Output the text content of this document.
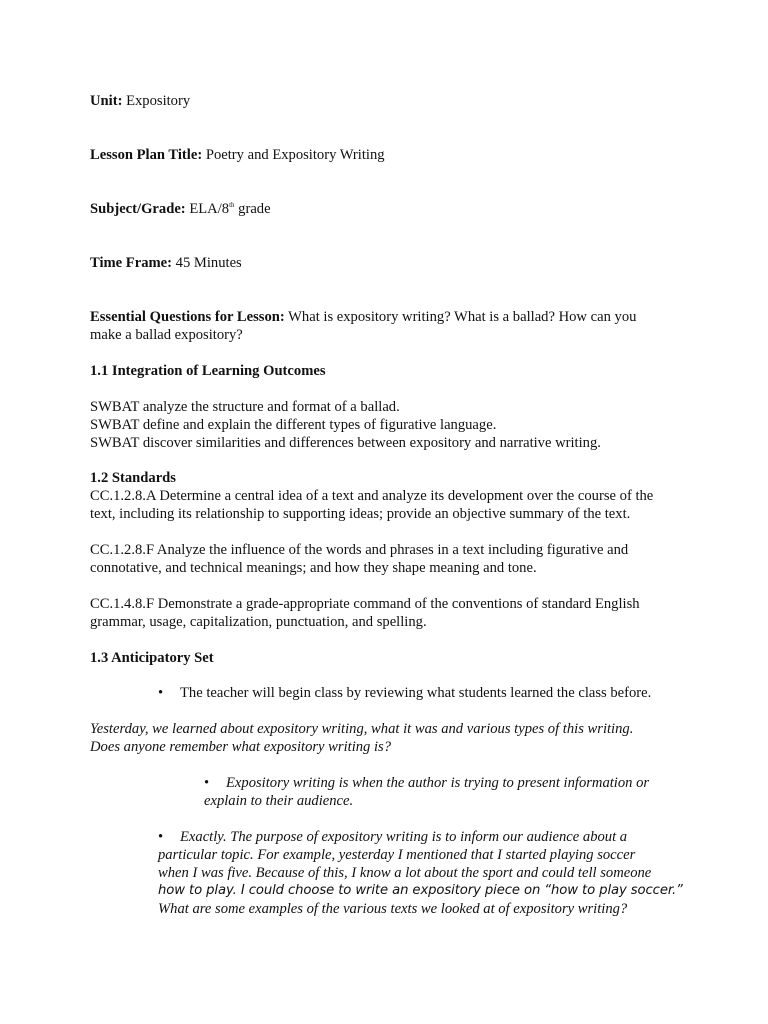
Unit: Expository

Lesson Plan Title: Poetry and Expository Writing

Subject/Grade: ELA/8th grade

Time Frame: 45 Minutes

Essential Questions for Lesson: What is expository writing? What is a ballad? How can you
make a ballad expository?
1.1 Integration of Learning Outcomes
SWBAT analyze the structure and format of a ballad.
SWBAT define and explain the different types of figurative language.
SWBAT discover similarities and differences between expository and narrative writing.
1.2 Standards
CC.1.2.8.A Determine a central idea of a text and analyze its development over the course of the
text, including its relationship to supporting ideas; provide an objective summary of the text.
CC.1.2.8.F Analyze the influence of the words and phrases in a text including figurative and
connotative, and technical meanings; and how they shape meaning and tone.
CC.1.4.8.F Demonstrate a grade-appropriate command of the conventions of standard English
grammar, usage, capitalization, punctuation, and spelling.
1.3 Anticipatory Set
• The teacher will begin class by reviewing what students learned the class before.
Yesterday, we learned about expository writing, what it was and various types of this writing.
Does anyone remember what expository writing is?
• Expository writing is when the author is trying to present information or
explain to their audience.
• Exactly. The purpose of expository writing is to inform our audience about a
particular topic. For example, yesterday I mentioned that I started playing soccer
when I was five. Because of this, I know a lot about the sport and could tell someone
how to play. I could choose to write an expository piece on “how to play soccer.”
What are some examples of the various texts we looked at of expository writing?
